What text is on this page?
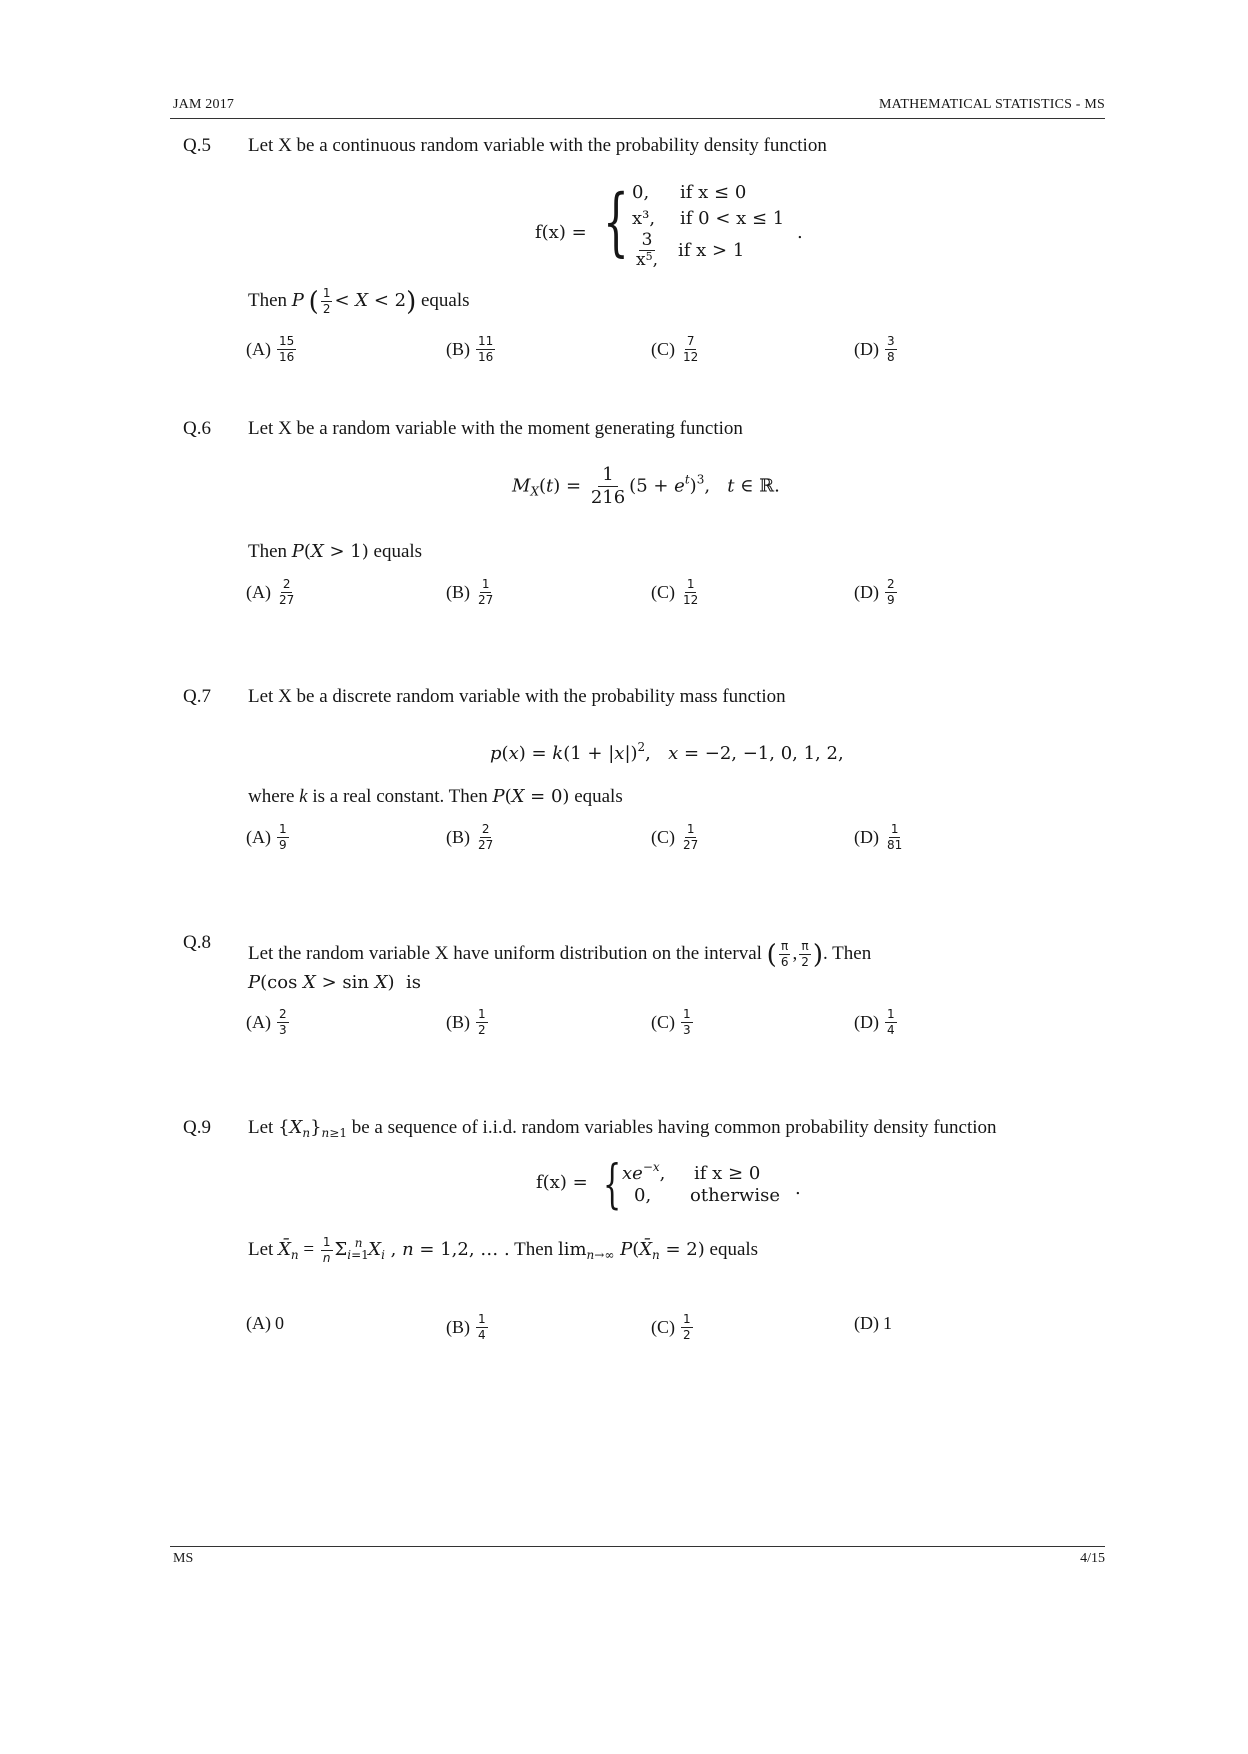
JAM 2017	MATHEMATICAL STATISTICS - MS
Q.5 Let X be a continuous random variable with the probability density function
f(x) = { 0, if x ≤ 0
x³, if 0 < x ≤ 1
$\frac{3}{x^5,}$ if x > 1
.
Then P ( $\frac{1}{2} < X < 2$) equals
$(A) \frac{15}{16}$	$(B) \frac{11}{16}$	$(C) \frac{7}{12}$	$(D) \frac{3}{8}$
Q.6 Let X be a random variable with the moment generating function
$M_X(t) = \frac{1}{216} (5 + e^t)^3$,   t ∈ ℝ.
Then P(X > 1) equals
$(A) \frac{2}{27}$	$(B) \frac{1}{27}$	$(C) \frac{1}{12}$	$(D) \frac{2}{9}$
Q.7 Let X be a discrete random variable with the probability mass function
$p(x) = k(1 + |x|)^2$,   x = −2, −1, 0, 1, 2,
where k is a real constant. Then P(X = 0) equals
$(A) \frac{1}{9}$	$(B) \frac{2}{27}$	$(C) \frac{1}{27}$	$(D) \frac{1}{81}$
Q.8
Let the random variable X have uniform distribution on the interval ( $\frac{\pi}{6}$ , $\frac{\pi}{2}$ ). Then
P(cos X > sin X)  is
$(A) \frac{2}{3}$	$(B) \frac{1}{2}$	$(C) \frac{1}{3}$	$(D) \frac{1}{4}$
Q.9 Let $\{X_n\}_{n\ge 1}$ be a sequence of i.i.d. random variables having common probability density function
f(x) = { $xe^{-x}$, if x ≥ 0
0, otherwise .
Let $X̄_n = \frac{1}{n} \Sigma_{i=1}^n$ $X_i$ , n = 1,2, … . Then $\lim_{n\to\infty}$ $P(X̄_n = 2)$ equals
(A) 0	$(B) \frac{1}{4}$	$(C) \frac{1}{2}$	(D) 1
MS	4/15
